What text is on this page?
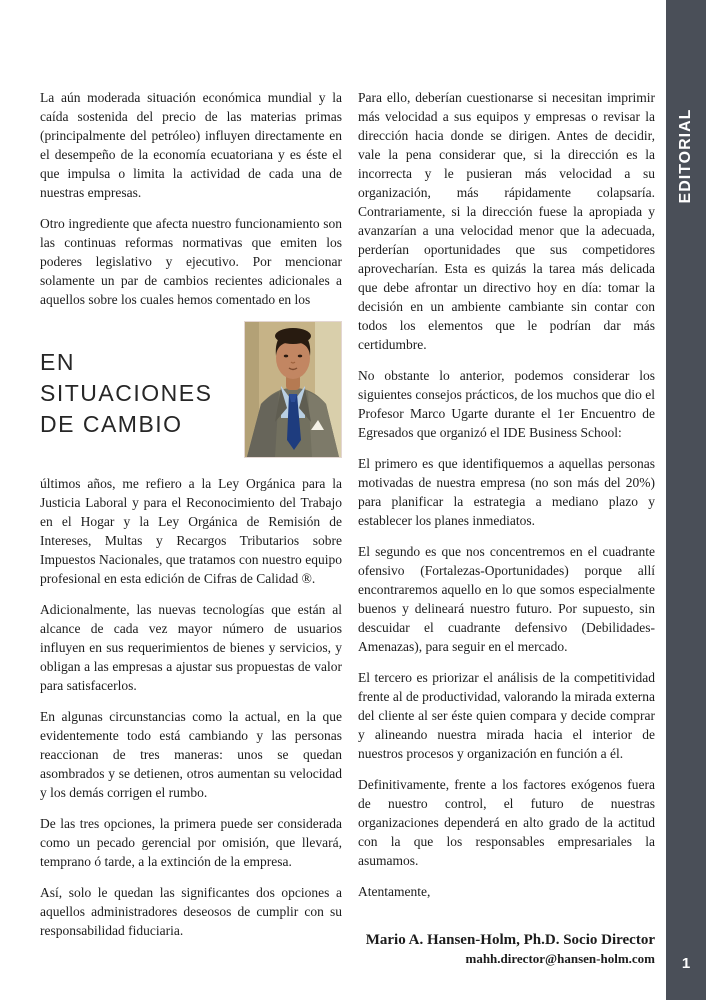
EDITORIAL
1

La aún moderada situación económica mundial y la caída sostenida del precio de las materias primas (principalmente del petróleo) influyen directamente en el desempeño de la economía ecuatoriana y es éste el que impulsa o limita la actividad de cada una de nuestras empresas.

Otro ingrediente que afecta nuestro funcionamiento son las continuas reformas normativas que emiten los poderes legislativo y ejecutivo. Por mencionar solamente un par de cambios recientes adicionales a aquellos sobre los cuales hemos comentado en los

EN SITUACIONES
DE CAMBIO

últimos años, me refiero a la Ley Orgánica para la Justicia Laboral y para el Reconocimiento del Trabajo en el Hogar y la Ley Orgánica de Remisión de Intereses, Multas y Recargos Tributarios sobre Impuestos Nacionales, que tratamos con nuestro equipo profesional en esta edición de Cifras de Calidad ®.

Adicionalmente, las nuevas tecnologías que están al alcance de cada vez mayor número de usuarios influyen en sus requerimientos de bienes y servicios, y obligan a las empresas a ajustar sus propuestas de valor para satisfacerlos.

En algunas circunstancias como la actual, en la que evidentemente todo está cambiando y las personas reaccionan de tres maneras: unos se quedan asombrados y se detienen, otros aumentan su velocidad y los demás corrigen el rumbo.

De las tres opciones, la primera puede ser considerada como un pecado gerencial por omisión, que llevará, temprano ó tarde, a la extinción de la empresa.

Así, solo le quedan las significantes dos opciones a aquellos administradores deseosos de cumplir con su responsabilidad fiduciaria.

Para ello, deberían cuestionarse si necesitan imprimir más velocidad a sus equipos y empresas o revisar la dirección hacia donde se dirigen. Antes de decidir, vale la pena considerar que, si la dirección es la incorrecta y le pusieran más velocidad a su organización, más rápidamente colapsaría. Contrariamente, si la dirección fuese la apropiada y avanzarían a una velocidad menor que la adecuada, perderían oportunidades que sus competidores aprovecharían. Esta es quizás la tarea más delicada que debe afrontar un directivo hoy en día: tomar la decisión en un ambiente cambiante sin contar con todos los elementos que le podrían dar más certidumbre.

No obstante lo anterior, podemos considerar los siguientes consejos prácticos, de los muchos que dio el Profesor Marco Ugarte durante el 1er Encuentro de Egresados que organizó el IDE Business School:

El primero es que identifiquemos a aquellas personas motivadas de nuestra empresa (no son más del 20%) para planificar la estrategia a mediano plazo y establecer los planes inmediatos.

El segundo es que nos concentremos en el cuadrante ofensivo (Fortalezas-Oportunidades) porque allí encontraremos aquello en lo que somos especialmente buenos y delineará nuestro futuro. Por supuesto, sin descuidar el cuadrante defensivo (Debilidades-Amenazas), para seguir en el mercado.

El tercero es priorizar el análisis de la competitividad frente al de productividad, valorando la mirada externa del cliente al ser éste quien compara y decide comprar y alineando nuestra mirada hacia el interior de nuestros procesos y organización en función a él.

Definitivamente, frente a los factores exógenos fuera de nuestro control, el futuro de nuestras organizaciones dependerá en alto grado de la actitud con la que los responsables empresariales la asumamos.

Atentamente,

Mario A. Hansen-Holm, Ph.D. Socio Director
mahh.director@hansen-holm.com
